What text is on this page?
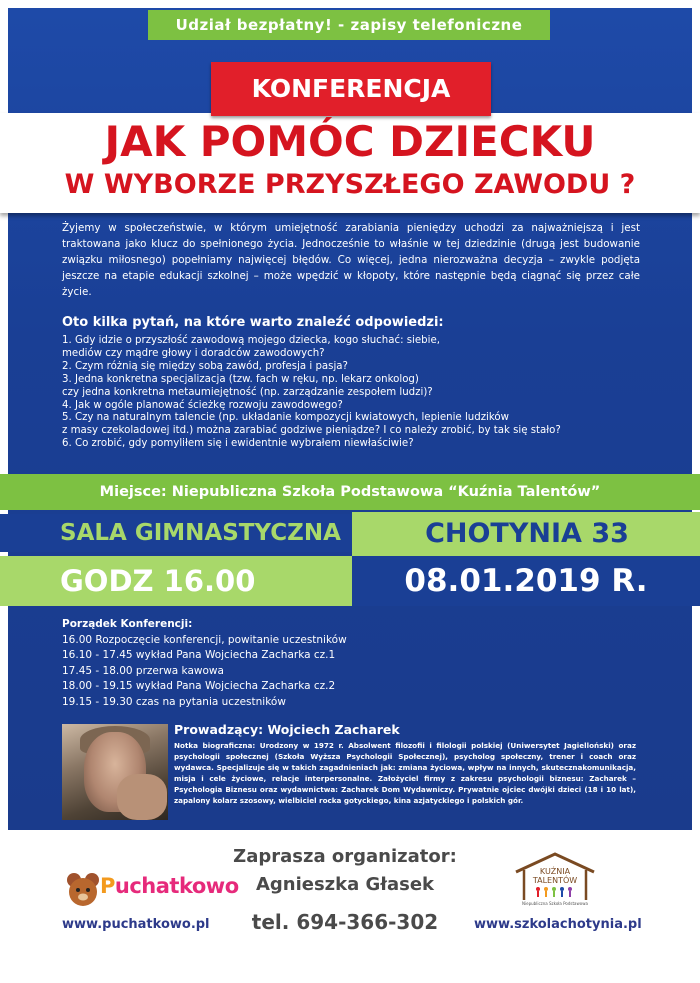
Udział bezpłatny! - zapisy telefoniczne
KONFERENCJA
JAK POMÓC DZIECKU
W WYBORZE PRZYSZŁEGO ZAWODU ?
Żyjemy w społeczeństwie, w którym umiejętność zarabiania pieniędzy uchodzi za najważniejszą i jest traktowana jako klucz do spełnionego życia. Jednocześnie to właśnie w tej dziedzinie (drugą jest budowanie związku miłosnego) popełniamy najwięcej błędów. Co więcej, jedna nierozważna decyzja – zwykle podjęta jeszcze na etapie edukacji szkolnej – może wpędzić w kłopoty, które następnie będą ciągnąć się przez całe życie.
Oto kilka pytań, na które warto znaleźć odpowiedzi:
1. Gdy idzie o przyszłość zawodową mojego dziecka, kogo słuchać: siebie,
mediów czy mądre głowy i doradców zawodowych?
2. Czym różnią się między sobą zawód, profesja i pasja?
3. Jedna konkretna specjalizacja (tzw. fach w ręku, np. lekarz onkolog)
czy jedna konkretna metaumiejętność (np. zarządzanie zespołem ludzi)?
4. Jak w ogóle planować ścieżkę rozwoju zawodowego?
5. Czy na naturalnym talencie (np. układanie kompozycji kwiatowych, lepienie ludzików
z masy czekoladowej itd.) można zarabiać godziwe pieniądze? I co należy zrobić, by tak się stało?
6. Co zrobić, gdy pomyliłem się i ewidentnie wybrałem niewłaściwie?
Miejsce: Niepubliczna Szkoła Podstawowa “Kuźnia Talentów”
SALA GIMNASTYCZNA	CHOTYNIA 33
GODZ 16.00	08.01.2019 R.
Porządek Konferencji:
16.00 Rozpoczęcie konferencji, powitanie uczestników
16.10 - 17.45 wykład Pana Wojciecha Zacharka cz.1
17.45 - 18.00 przerwa kawowa
18.00 - 19.15 wykład Pana Wojciecha Zacharka cz.2
19.15 - 19.30 czas na pytania uczestników
Prowadzący: Wojciech Zacharek
Notka biograficzna: Urodzony w 1972 r. Absolwent filozofii i filologii polskiej (Uniwersytet Jagielloński) oraz psychologii społecznej (Szkoła Wyższa Psychologii Społecznej), psycholog społeczny, trener i coach oraz wydawca. Specjalizuje się w takich zagadnieniach jak: zmiana życiowa, wpływ na innych, skutecznakomunikacja, misja i cele życiowe, relacje interpersonalne. Założyciel firmy z zakresu psychologii biznesu: Zacharek – Psychologia Biznesu oraz wydawnictwa: Zacharek Dom Wydawniczy. Prywatnie ojciec dwójki dzieci (18 i 10 lat), zapalony kolarz szosowy, wielbiciel rocka gotyckiego, kina azjatyckiego i polskich gór.
Puchatkowo
www.puchatkowo.pl
Zaprasza organizator:
Agnieszka Głasek
tel. 694-366-302
KUŹNIA
TALENTÓW
Niepubliczna Szkoła Podstawowa
www.szkolachotynia.pl
